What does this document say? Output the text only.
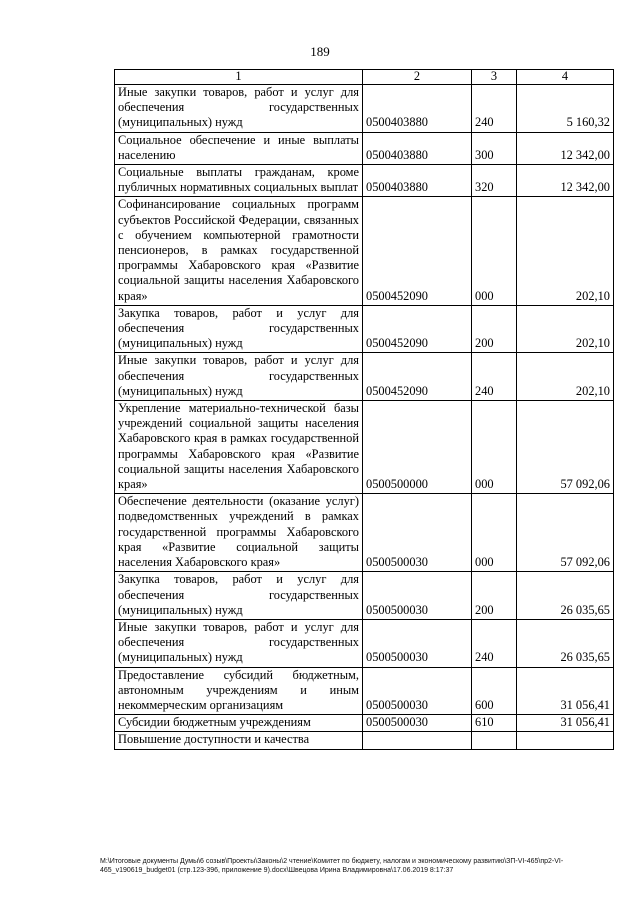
189
1	2	3	4
Иные закупки товаров, работ и услуг для обеспечения государственных (муниципальных) нужд	0500403880	240	5 160,32
Социальное обеспечение и иные выплаты населению	0500403880	300	12 342,00
Социальные выплаты гражданам, кроме публичных нормативных социальных выплат	0500403880	320	12 342,00
Софинансирование социальных программ субъектов Российской Федерации, связанных с обучением компьютерной грамотности пенсионеров, в рамках государственной программы Хабаровского края «Развитие социальной защиты населения Хабаровского края»	0500452090	000	202,10
Закупка товаров, работ и услуг для обеспечения государственных (муниципальных) нужд	0500452090	200	202,10
Иные закупки товаров, работ и услуг для обеспечения государственных (муниципальных) нужд	0500452090	240	202,10
Укрепление материально-технической базы учреждений социальной защиты населения Хабаровского края в рамках государственной программы Хабаровского края «Развитие социальной защиты населения Хабаровского края»	0500500000	000	57 092,06
Обеспечение деятельности (оказание услуг) подведомственных учреждений в рамках государственной программы Хабаровского края «Развитие социальной защиты населения Хабаровского края»	0500500030	000	57 092,06
Закупка товаров, работ и услуг для обеспечения государственных (муниципальных) нужд	0500500030	200	26 035,65
Иные закупки товаров, работ и услуг для обеспечения государственных (муниципальных) нужд	0500500030	240	26 035,65
Предоставление субсидий бюджетным, автономным учреждениям и иным некоммерческим организациям	0500500030	600	31 056,41
Субсидии бюджетным учреждениям	0500500030	610	31 056,41
Повышение доступности и качества			
M:\Итоговые документы Думы\6 созыв\Проекты\Законы\2 чтение\Комитет по бюджету, налогам и экономическому развитию\ЗП-VI-465\пр2-VI-465_v190619_budget01 (стр.123-396, приложение 9).docx\Швецова Ирина Владимировна\17.06.2019 8:17:37
